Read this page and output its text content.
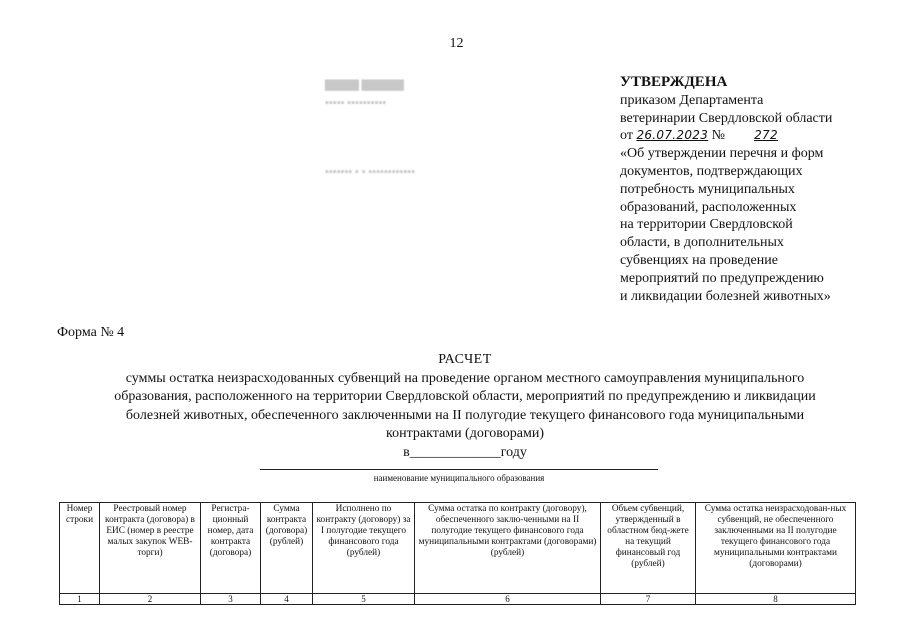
12
▇▇▇▇ ▇▇▇▇▇
▪▪▪▪▪ ▪▪▪▪▪▪▪▪▪▪
▪▪▪▪▪▪▪ ▪ ▪ ▪▪▪▪▪▪▪▪▪▪▪▪
УТВЕРЖДЕНА
приказом Департамента
ветеринарии Свердловской области
от 26.07.2023 № 272
«Об утверждении перечня и форм
документов, подтверждающих
потребность муниципальных
образований, расположенных
на территории Свердловской
области, в дополнительных
субвенциях на проведение
мероприятий по предупреждению
и ликвидации болезней животных»
Форма № 4
РАСЧЕТ
суммы остатка неизрасходованных субвенций на проведение органом местного самоуправления муниципального
образования, расположенного на территории Свердловской области, мероприятий по предупреждению и ликвидации
болезней животных, обеспеченного заключенными на II полугодие текущего финансового года муниципальными
контрактами (договорами)
в_____________году
наименование муниципального образования
Номер строки	Реестровый номер контракта (договора) в ЕИС (номер в реестре малых закупок WEB-торги)	Регистра-ционный номер, дата контракта (договора)	Сумма контракта (договора) (рублей)	Исполнено по контракту (договору) за I полугодие текущего финансового года (рублей)	Сумма остатка по контракту (договору), обеспеченного заклю-ченными на II полугодие текущего финансового года муниципальными контрактами (договорами) (рублей)	Объем субвенций, утвержденный в областном бюд-жете на текущий финансовый год (рублей)	Сумма остатка неизрасходован-ных субвенций, не обеспеченного заключенными на II полугодие текущего финансового года муниципальными контрактами (договорами)
1	2	3	4	5	6	7	8
